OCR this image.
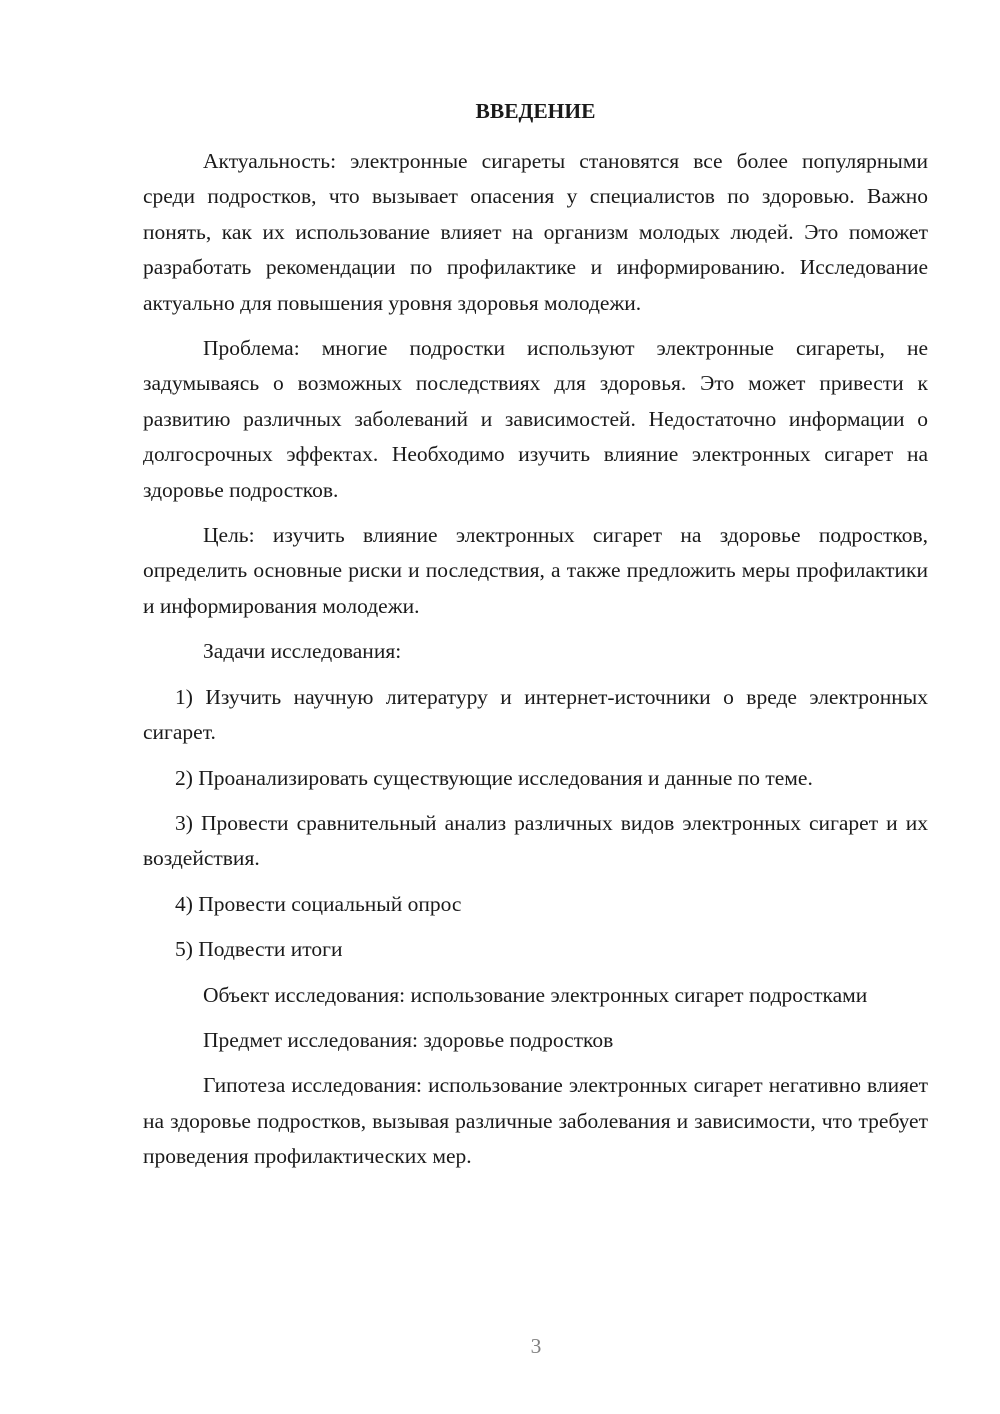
ВВЕДЕНИЕ

Актуальность: электронные сигареты становятся все более популярными среди подростков, что вызывает опасения у специалистов по здоровью. Важно понять, как их использование влияет на организм молодых людей. Это поможет разработать рекомендации по профилактике и информированию. Исследование актуально для повышения уровня здоровья молодежи.

Проблема: многие подростки используют электронные сигареты, не задумываясь о возможных последствиях для здоровья. Это может привести к развитию различных заболеваний и зависимостей. Недостаточно информации о долгосрочных эффектах. Необходимо изучить влияние электронных сигарет на здоровье подростков.

Цель: изучить влияние электронных сигарет на здоровье подростков, определить основные риски и последствия, а также предложить меры профилактики и информирования молодежи.

Задачи исследования:

1) Изучить научную литературу и интернет-источники о вреде электронных сигарет.

2) Проанализировать существующие исследования и данные по теме.

3) Провести сравнительный анализ различных видов электронных сигарет и их воздействия.

4) Провести социальный опрос

5) Подвести итоги

Объект исследования: использование электронных сигарет подростками

Предмет исследования: здоровье подростков

Гипотеза исследования: использование электронных сигарет негативно влияет на здоровье подростков, вызывая различные заболевания и зависимости, что требует проведения профилактических мер.

3
